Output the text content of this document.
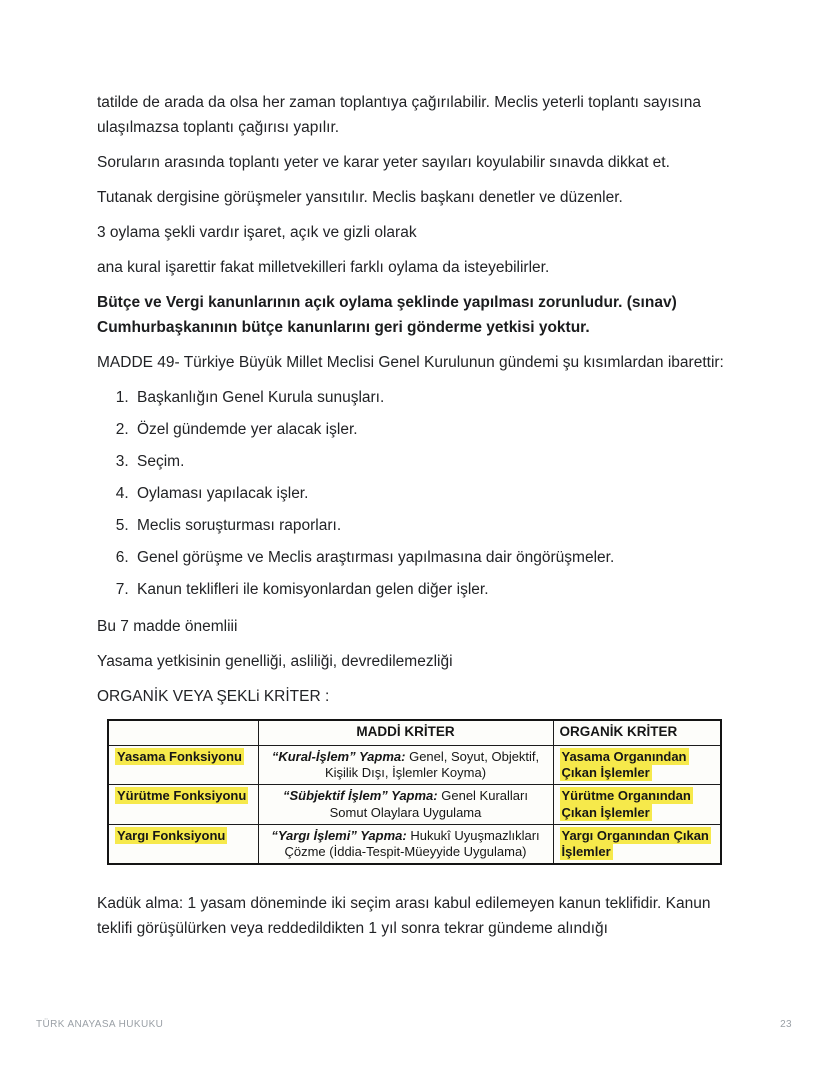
tatilde de arada da olsa her zaman toplantıya çağırılabilir. Meclis yeterli toplantı sayısına ulaşılmazsa toplantı çağırısı yapılır.

Soruların arasında toplantı yeter ve karar yeter sayıları koyulabilir sınavda dikkat et.

Tutanak dergisine görüşmeler yansıtılır. Meclis başkanı denetler ve düzenler.

3 oylama şekli vardır işaret, açık ve gizli olarak

ana kural işarettir fakat milletvekilleri farklı oylama da isteyebilirler.

Bütçe ve Vergi kanunlarının açık oylama şeklinde yapılması zorunludur. (sınav) Cumhurbaşkanının bütçe kanunlarını geri gönderme yetkisi yoktur.

MADDE 49- Türkiye Büyük Millet Meclisi Genel Kurulunun gündemi şu kısımlardan ibarettir:

1. Başkanlığın Genel Kurula sunuşları.
2. Özel gündemde yer alacak işler.
3. Seçim.
4. Oylaması yapılacak işler.
5. Meclis soruşturması raporları.
6. Genel görüşme ve Meclis araştırması yapılmasına dair öngörüşmeler.
7. Kanun teklifleri ile komisyonlardan gelen diğer işler.

Bu 7 madde önemliii

Yasama yetkisinin genelliği, asliliği, devredilemezliği

ORGANİK VEYA ŞEKLi KRİTER :

	MADDİ KRİTER	ORGANİK KRİTER
Yasama Fonksiyonu	“Kural-İşlem” Yapma: Genel, Soyut, Objektif, Kişilik Dışı, İşlemler Koyma)	Yasama Organından Çıkan İşlemler
Yürütme Fonksiyonu	“Sübjektif İşlem” Yapma: Genel Kuralları Somut Olaylara Uygulama	Yürütme Organından Çıkan İşlemler
Yargı Fonksiyonu	“Yargı İşlemi” Yapma: Hukukî Uyuşmazlıkları Çözme (İddia-Tespit-Müeyyide Uygulama)	Yargı Organından Çıkan İşlemler

Kadük alma: 1 yasam döneminde iki seçim arası kabul edilemeyen kanun teklifidir. Kanun teklifi görüşülürken veya reddedildikten 1 yıl sonra tekrar gündeme alındığı

TÜRK ANAYASA HUKUKU	23
